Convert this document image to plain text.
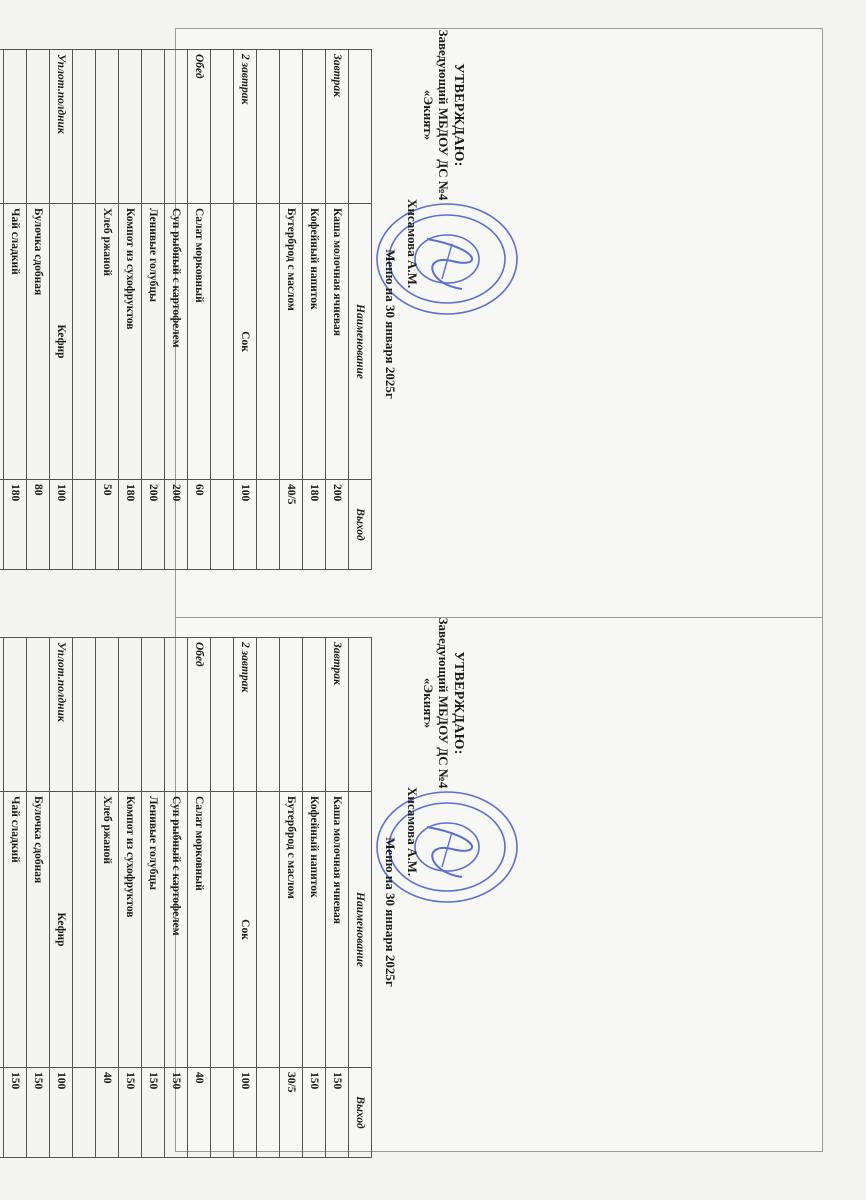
УТВЕРЖДАЮ:
Заведующий МБДОУ ДС №4
«Экият»
Хисамова А.М.
Меню на 30 января 2025г
	Наименование	Выход
Завтрак	Каша молочная ячневая	200
	Кофейный напиток	180
	Бутерброд с маслом	40/5

2 завтрак	Сок	100

Обед	Салат морковный	60
	Суп рыбный с картофелем	200
	Ленивые голубцы	200
	Компот из сухофруктов	180
	Хлеб ржаной	50

Уплот.полдник	Кефир	100
	Булочка сдобная	80
	Чай сладкий	180

УТВЕРЖДАЮ:
Заведующий МБДОУ ДС №4
«Экият»
Хисамова А.М.
Меню на 30 января 2025г
	Наименование	Выход
Завтрак	Каша молочная ячневая	150
	Кофейный напиток	150
	Бутерброд с маслом	30/5

2 завтрак	Сок	100

Обед	Салат морковный	40
	Суп рыбный с картофелем	150
	Ленивые голубцы	150
	Компот из сухофруктов	150
	Хлеб ржаной	40

Уплот.полдник	Кефир	100
	Булочка сдобная	150
	Чай сладкий	150
